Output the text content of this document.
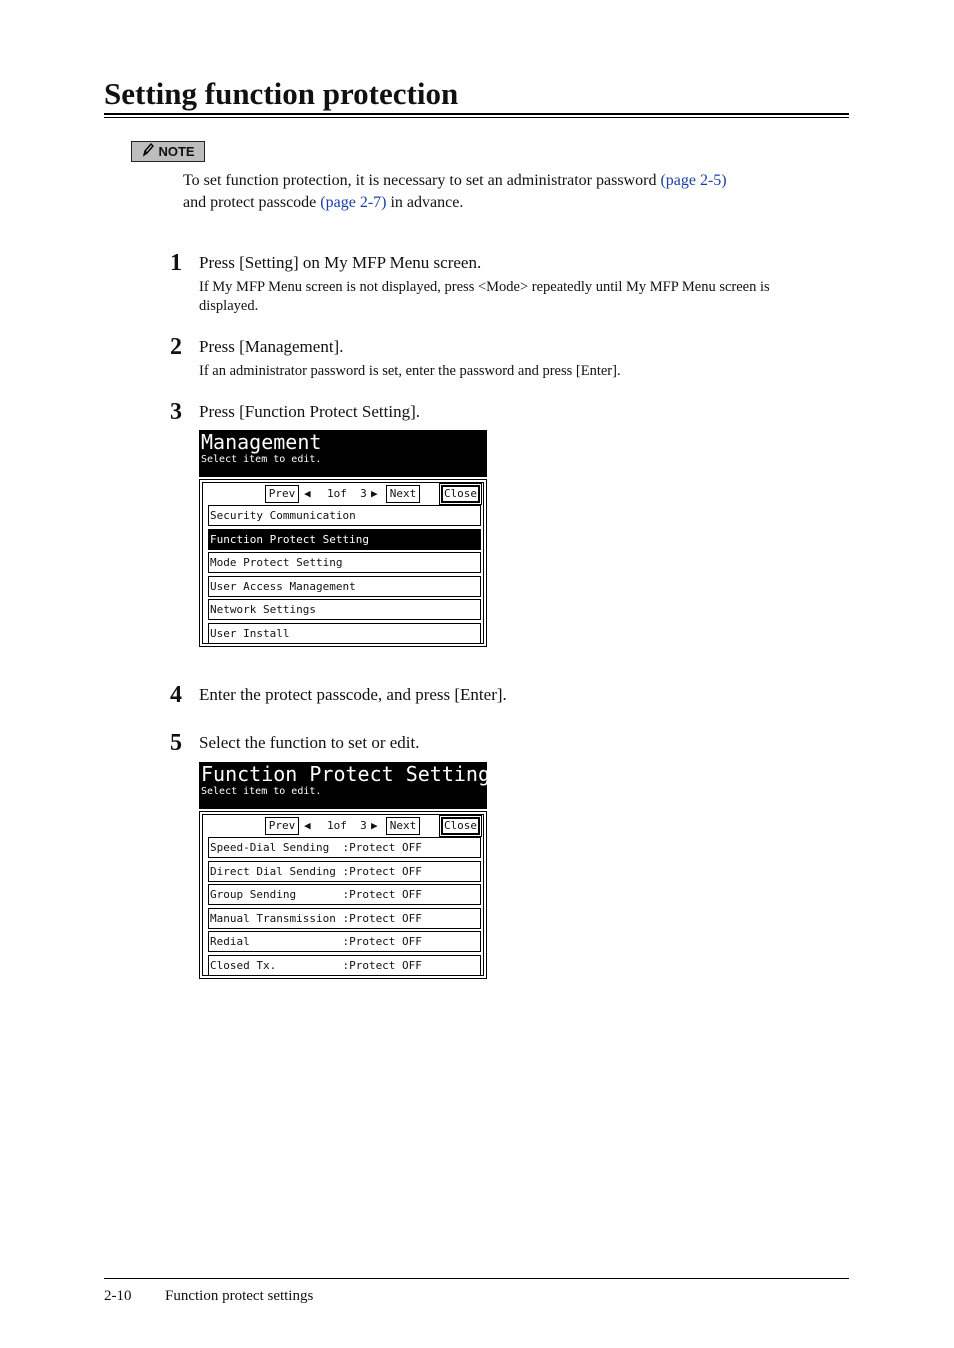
Setting function protection
NOTE
To set function protection, it is necessary to set an administrator password (page 2-5)
and protect passcode (page 2-7) in advance.
1 Press [Setting] on My MFP Menu screen.
If My MFP Menu screen is not displayed, press <Mode> repeatedly until My MFP Menu screen is displayed.
2 Press [Management].
If an administrator password is set, enter the password and press [Enter].
3 Press [Function Protect Setting].
Management
Select item to edit.
Prev ◀ 1of  3 ▶	Next	Close
Security Communication
Function Protect Setting
Mode Protect Setting
User Access Management
Network Settings
User Install
4 Enter the protect passcode, and press [Enter].
5 Select the function to set or edit.
Function Protect Setting
Select item to edit.
Prev ◀ 1of  3 ▶	Next	Close
Speed-Dial Sending  :Protect OFF
Direct Dial Sending :Protect OFF
Group Sending       :Protect OFF
Manual Transmission :Protect OFF
Redial              :Protect OFF
Closed Tx.          :Protect OFF
2-10 Function protect settings
